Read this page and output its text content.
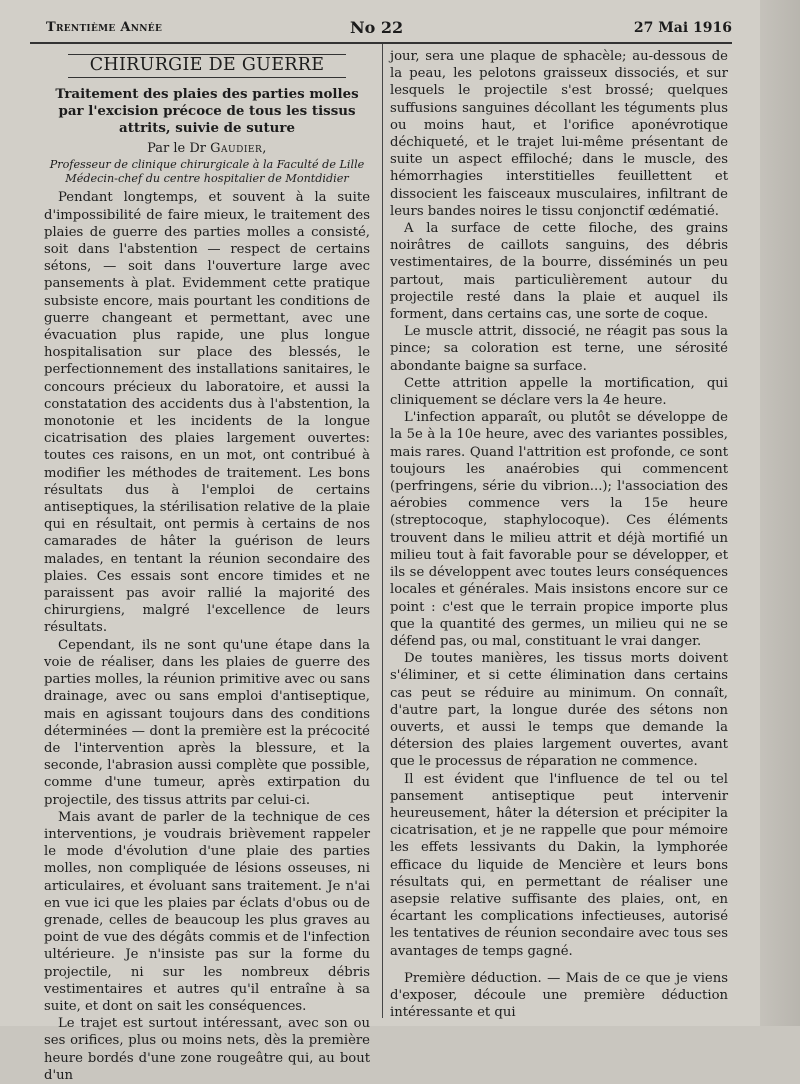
Trentième Année	No 22	27 Mai 1916
CHIRURGIE DE GUERRE
Traitement des plaies des parties molles par l'excision précoce de tous les tissus attrits, suivie de suture
Par le Dr Gaudier,
Professeur de clinique chirurgicale à la Faculté de Lille
Médecin-chef du centre hospitalier de Montdidier

Pendant longtemps, et souvent à la suite d'impossibilité de faire mieux, le traitement des plaies de guerre des parties molles a consisté, soit dans l'abstention — respect de certains sétons, — soit dans l'ouverture large avec pansements à plat. Evidemment cette pratique subsiste encore, mais pourtant les conditions de guerre changeant et permettant, avec une évacuation plus rapide, une plus longue hospitalisation sur place des blessés, le perfectionnement des installations sanitaires, le concours précieux du laboratoire, et aussi la constatation des accidents dus à l'abstention, la monotonie et les incidents de la longue cicatrisation des plaies largement ouvertes: toutes ces raisons, en un mot, ont contribué à modifier les méthodes de traitement. Les bons résultats dus à l'emploi de certains antiseptiques, la stérilisation relative de la plaie qui en résultait, ont permis à certains de nos camarades de hâter la guérison de leurs malades, en tentant la réunion secondaire des plaies. Ces essais sont encore timides et ne paraissent pas avoir rallié la majorité des chirurgiens, malgré l'excellence de leurs résultats.

Cependant, ils ne sont qu'une étape dans la voie de réaliser, dans les plaies de guerre des parties molles, la réunion primitive avec ou sans drainage, avec ou sans emploi d'antiseptique, mais en agissant toujours dans des conditions déterminées — dont la première est la précocité de l'intervention après la blessure, et la seconde, l'abrasion aussi complète que possible, comme d'une tumeur, après extirpation du projectile, des tissus attrits par celui-ci.

Mais avant de parler de la technique de ces interventions, je voudrais brièvement rappeler le mode d'évolution d'une plaie des parties molles, non compliquée de lésions osseuses, ni articulaires, et évoluant sans traitement. Je n'ai en vue ici que les plaies par éclats d'obus ou de grenade, celles de beaucoup les plus graves au point de vue des dégâts commis et de l'infection ultérieure. Je n'insiste pas sur la forme du projectile, ni sur les nombreux débris vestimentaires et autres qu'il entraîne à sa suite, et dont on sait les conséquences.

Le trajet est surtout intéressant, avec son ou ses orifices, plus ou moins nets, dès la première heure bordés d'une zone rougeâtre qui, au bout d'un

jour, sera une plaque de sphacèle; au-dessous de la peau, les pelotons graisseux dissociés, et sur lesquels le projectile s'est brossé; quelques suffusions sanguines décollant les téguments plus ou moins haut, et l'orifice aponévrotique déchiqueté, et le trajet lui-même présentant de suite un aspect effiloché; dans le muscle, des hémorrhagies interstitielles feuillettent et dissocient les faisceaux musculaires, infiltrant de leurs bandes noires le tissu conjonctif œdématié.

A la surface de cette filoche, des grains noirâtres de caillots sanguins, des débris vestimentaires, de la bourre, disséminés un peu partout, mais particulièrement autour du projectile resté dans la plaie et auquel ils forment, dans certains cas, une sorte de coque.

Le muscle attrit, dissocié, ne réagit pas sous la pince; sa coloration est terne, une sérosité abondante baigne sa surface.

Cette attrition appelle la mortification, qui cliniquement se déclare vers la 4e heure.

L'infection apparaît, ou plutôt se développe de la 5e à la 10e heure, avec des variantes possibles, mais rares. Quand l'attrition est profonde, ce sont toujours les anaérobies qui commencent (perfringens, série du vibrion...); l'association des aérobies commence vers la 15e heure (streptocoque, staphylocoque). Ces éléments trouvent dans le milieu attrit et déjà mortifié un milieu tout à fait favorable pour se développer, et ils se développent avec toutes leurs conséquences locales et générales. Mais insistons encore sur ce point : c'est que le terrain propice importe plus que la quantité des germes, un milieu qui ne se défend pas, ou mal, constituant le vrai danger.

De toutes manières, les tissus morts doivent s'éliminer, et si cette élimination dans certains cas peut se réduire au minimum. On connaît, d'autre part, la longue durée des sétons non ouverts, et aussi le temps que demande la détersion des plaies largement ouvertes, avant que le processus de réparation ne commence.

Il est évident que l'influence de tel ou tel pansement antiseptique peut intervenir heureusement, hâter la détersion et précipiter la cicatrisation, et je ne rappelle que pour mémoire les effets lessivants du Dakin, la lymphorée efficace du liquide de Mencière et leurs bons résultats qui, en permettant de réaliser une asepsie relative suffisante des plaies, ont, en écartant les complications infectieuses, autorisé les tentatives de réunion secondaire avec tous ses avantages de temps gagné.

Première déduction. — Mais de ce que je viens d'exposer, découle une première déduction intéressante et qui
